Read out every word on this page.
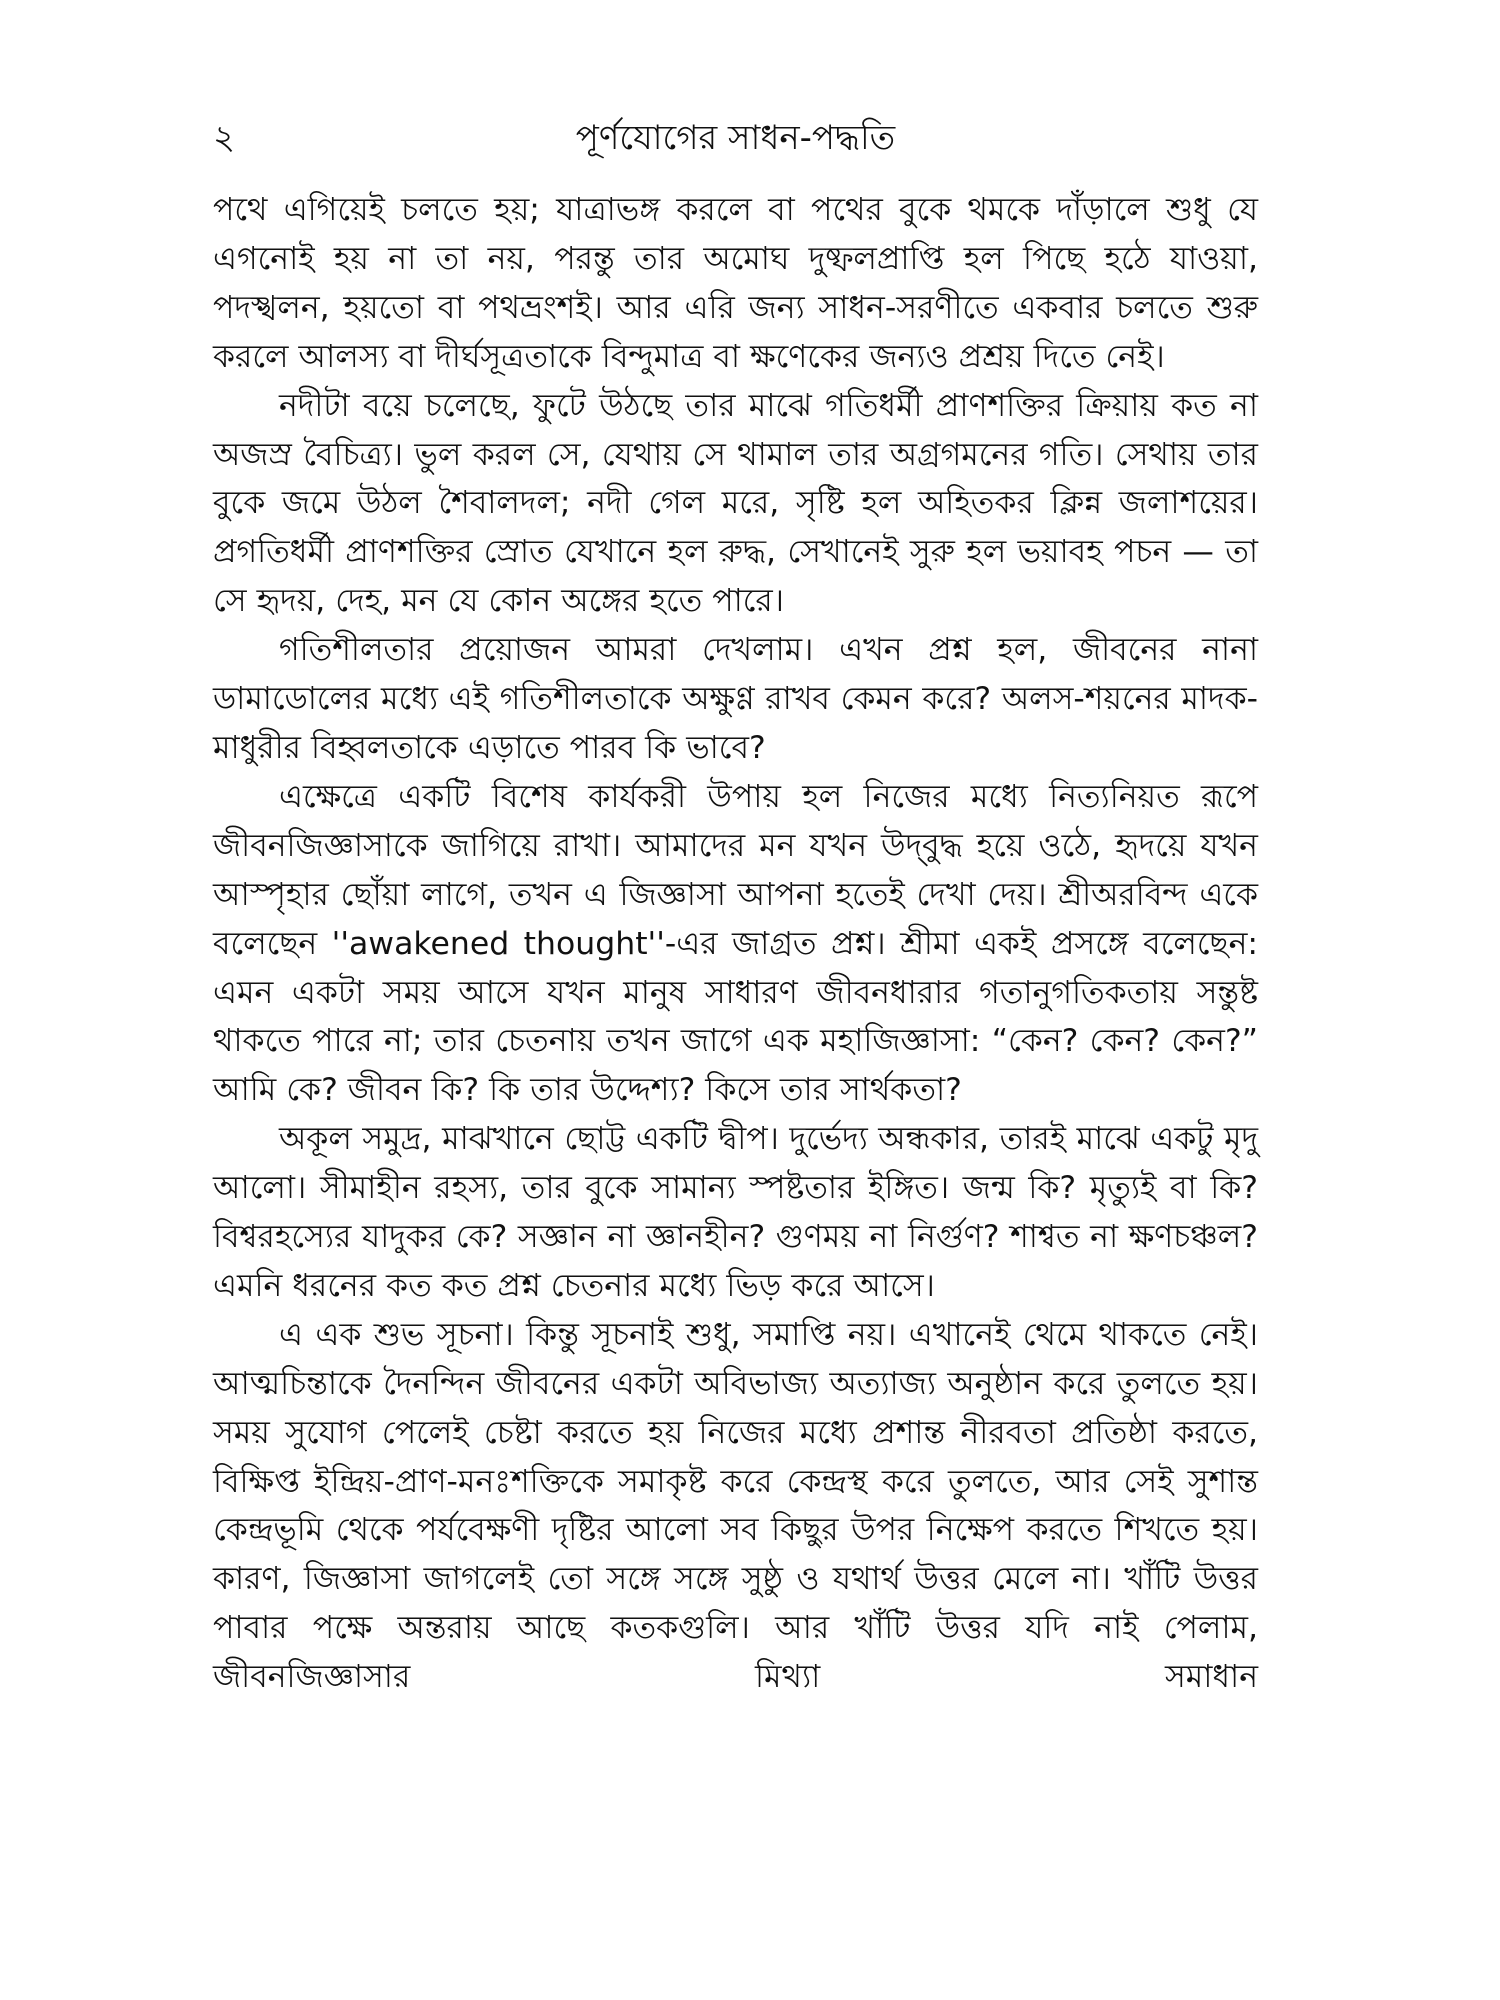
২	পূর্ণযোগের সাধন-পদ্ধতি

পথে এগিয়েই চলতে হয়; যাত্রাভঙ্গ করলে বা পথের বুকে থমকে দাঁড়ালে শুধু যে এগনোই হয় না তা নয়, পরন্তু তার অমোঘ দুষ্ফলপ্রাপ্তি হল পিছে হঠে যাওয়া, পদস্খলন, হয়তো বা পথভ্রংশই। আর এরি জন্য সাধন-সরণীতে একবার চলতে শুরু করলে আলস্য বা দীর্ঘসূত্রতাকে বিন্দুমাত্র বা ক্ষণেকের জন্যও প্রশ্রয় দিতে নেই।

নদীটা বয়ে চলেছে, ফুটে উঠছে তার মাঝে গতিধর্মী প্রাণশক্তির ক্রিয়ায় কত না অজস্র বৈচিত্র্য। ভুল করল সে, যেথায় সে থামাল তার অগ্রগমনের গতি। সেথায় তার বুকে জমে উঠল শৈবালদল; নদী গেল মরে, সৃষ্টি হল অহিতকর ক্লিন্ন জলাশয়ের। প্রগতিধর্মী প্রাণশক্তির স্রোত যেখানে হল রুদ্ধ, সেখানেই সুরু হল ভয়াবহ পচন — তা সে হৃদয়, দেহ, মন যে কোন অঙ্গের হতে পারে।

গতিশীলতার প্রয়োজন আমরা দেখলাম। এখন প্রশ্ন হল, জীবনের নানা ডামাডোলের মধ্যে এই গতিশীলতাকে অক্ষুণ্ণ রাখব কেমন করে? অলস-শয়নের মাদক-মাধুরীর বিহ্বলতাকে এড়াতে পারব কি ভাবে?

এক্ষেত্রে একটি বিশেষ কার্যকরী উপায় হল নিজের মধ্যে নিত্যনিয়ত রূপে জীবনজিজ্ঞাসাকে জাগিয়ে রাখা। আমাদের মন যখন উদ্‌বুদ্ধ হয়ে ওঠে, হৃদয়ে যখন আস্পৃহার ছোঁয়া লাগে, তখন এ জিজ্ঞাসা আপনা হতেই দেখা দেয়। শ্রীঅরবিন্দ একে বলেছেন ''awakened thought''-এর জাগ্রত প্রশ্ন। শ্রীমা একই প্রসঙ্গে বলেছেন: এমন একটা সময় আসে যখন মানুষ সাধারণ জীবনধারার গতানুগতিকতায় সন্তুষ্ট থাকতে পারে না; তার চেতনায় তখন জাগে এক মহাজিজ্ঞাসা: “কেন? কেন? কেন?” আমি কে? জীবন কি? কি তার উদ্দেশ্য? কিসে তার সার্থকতা?

অকূল সমুদ্র, মাঝখানে ছোট্ট একটি দ্বীপ। দুর্ভেদ্য অন্ধকার, তারই মাঝে একটু মৃদু আলো। সীমাহীন রহস্য, তার বুকে সামান্য স্পষ্টতার ইঙ্গিত। জন্ম কি? মৃত্যুই বা কি? বিশ্বরহস্যের যাদুকর কে? সজ্ঞান না জ্ঞানহীন? গুণময় না নির্গুণ? শাশ্বত না ক্ষণচঞ্চল? এমনি ধরনের কত কত প্রশ্ন চেতনার মধ্যে ভিড় করে আসে।

এ এক শুভ সূচনা। কিন্তু সূচনাই শুধু, সমাপ্তি নয়। এখানেই থেমে থাকতে নেই। আত্মচিন্তাকে দৈনন্দিন জীবনের একটা অবিভাজ্য অত্যাজ্য অনুষ্ঠান করে তুলতে হয়। সময় সুযোগ পেলেই চেষ্টা করতে হয় নিজের মধ্যে প্রশান্ত নীরবতা প্রতিষ্ঠা করতে, বিক্ষিপ্ত ইন্দ্রিয়-প্রাণ-মনঃশক্তিকে সমাকৃষ্ট করে কেন্দ্রস্থ করে তুলতে, আর সেই সুশান্ত কেন্দ্রভূমি থেকে পর্যবেক্ষণী দৃষ্টির আলো সব কিছুর উপর নিক্ষেপ করতে শিখতে হয়। কারণ, জিজ্ঞাসা জাগলেই তো সঙ্গে সঙ্গে সুষ্ঠু ও যথার্থ উত্তর মেলে না। খাঁটি উত্তর পাবার পক্ষে অন্তরায় আছে কতকগুলি। আর খাঁটি উত্তর যদি নাই পেলাম, জীবনজিজ্ঞাসার মিথ্যা সমাধান
